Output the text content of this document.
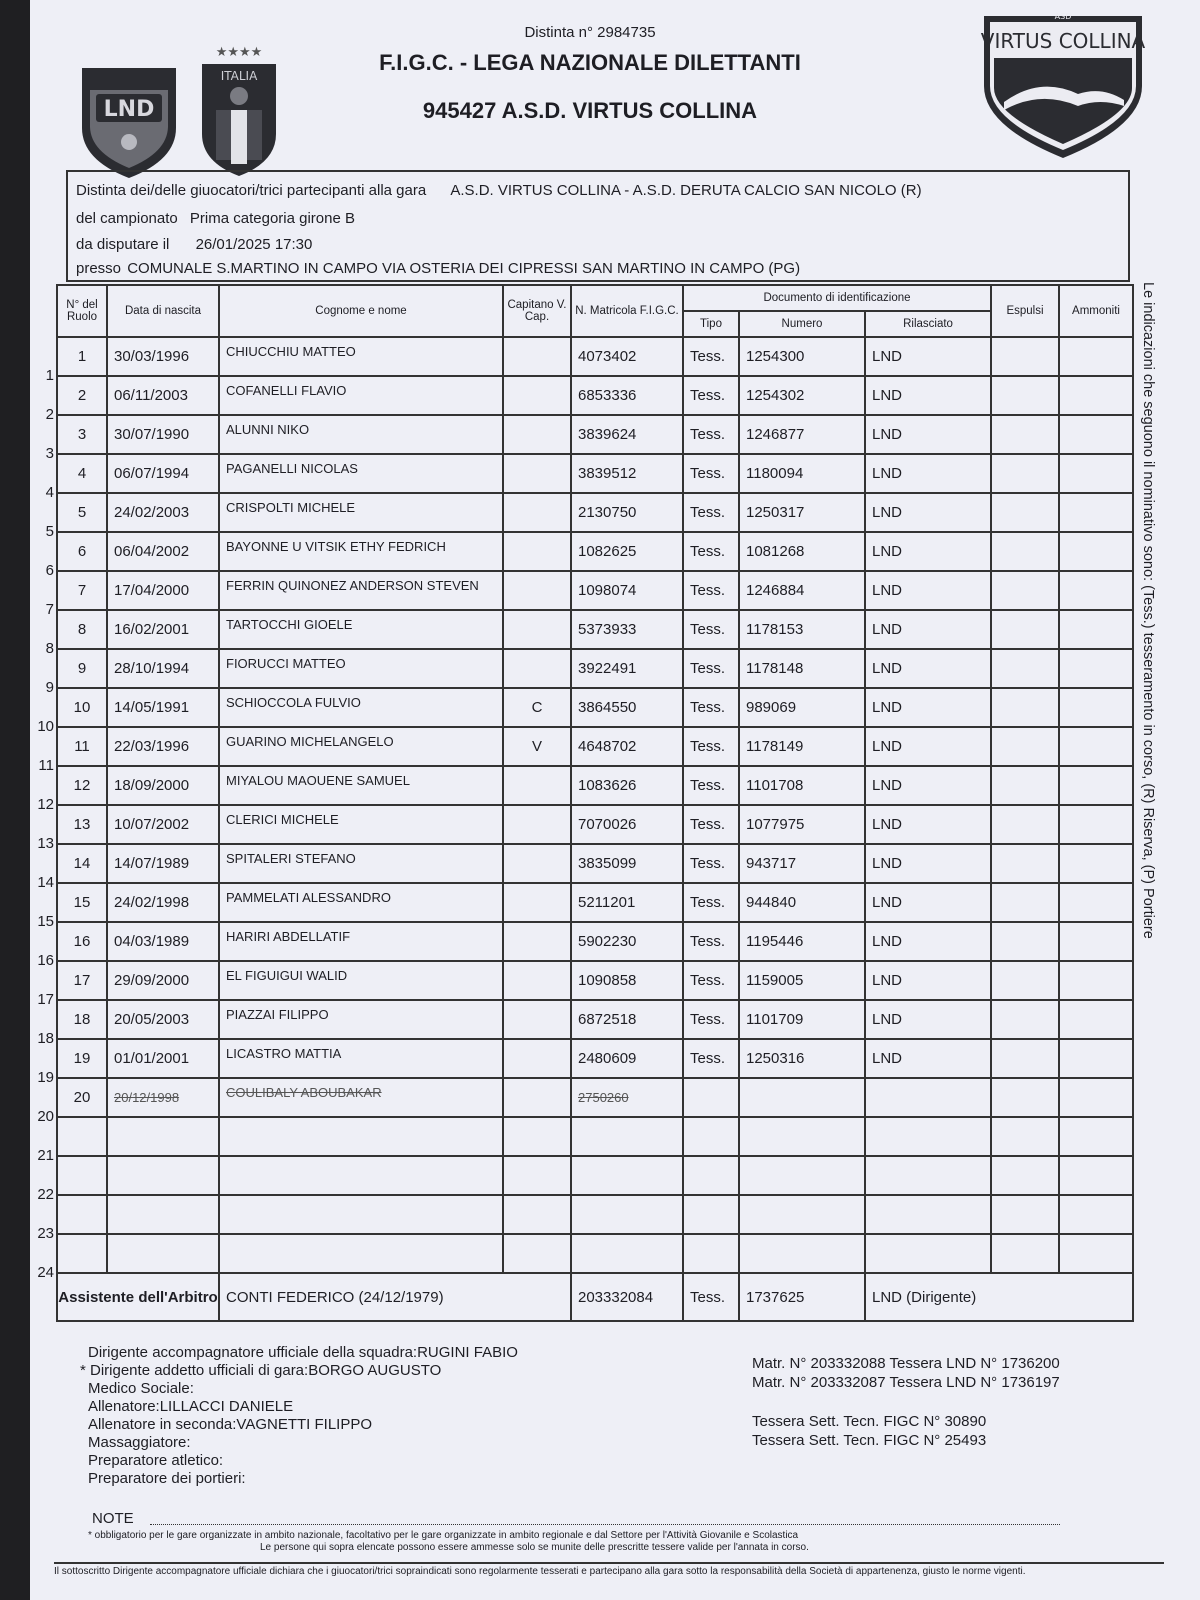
LND
★★★★
ITALIA
ASD
VIRTUS COLLINA
Distinta n° 2984735
F.I.G.C. - LEGA NAZIONALE DILETTANTI
945427 A.S.D. VIRTUS COLLINA
Distinta dei/delle giuocatori/trici partecipanti alla gara A.S.D. VIRTUS COLLINA - A.S.D. DERUTA CALCIO SAN NICOLO (R)
del campionato Prima categoria girone B
da disputare il 26/01/2025 17:30
presso COMUNALE S.MARTINO IN CAMPO VIA OSTERIA DEI CIPRESSI SAN MARTINO IN CAMPO (PG)
1
2
3
4
5
6
7
8
9
10
11
12
13
14
15
16
17
18
19
20
21
22
23
24
N° del Ruolo	Data di nascita	Cognome e nome	Capitano V. Cap.	N. Matricola F.I.G.C.	Documento di identificazione			Espulsi	Ammoniti
					Tipo	Numero	Rilasciato		
1	30/03/1996	CHIUCCHIU MATTEO		4073402	Tess.	1254300	LND		
2	06/11/2003	COFANELLI FLAVIO		6853336	Tess.	1254302	LND		
3	30/07/1990	ALUNNI NIKO		3839624	Tess.	1246877	LND		
4	06/07/1994	PAGANELLI NICOLAS		3839512	Tess.	1180094	LND		
5	24/02/2003	CRISPOLTI MICHELE		2130750	Tess.	1250317	LND		
6	06/04/2002	BAYONNE U VITSIK ETHY FEDRICH		1082625	Tess.	1081268	LND		
7	17/04/2000	FERRIN QUINONEZ ANDERSON STEVEN		1098074	Tess.	1246884	LND		
8	16/02/2001	TARTOCCHI GIOELE		5373933	Tess.	1178153	LND		
9	28/10/1994	FIORUCCI MATTEO		3922491	Tess.	1178148	LND		
10	14/05/1991	SCHIOCCOLA FULVIO	C	3864550	Tess.	989069	LND		
11	22/03/1996	GUARINO MICHELANGELO	V	4648702	Tess.	1178149	LND		
12	18/09/2000	MIYALOU MAOUENE SAMUEL		1083626	Tess.	1101708	LND		
13	10/07/2002	CLERICI MICHELE		7070026	Tess.	1077975	LND		
14	14/07/1989	SPITALERI STEFANO		3835099	Tess.	943717	LND		
15	24/02/1998	PAMMELATI ALESSANDRO		5211201	Tess.	944840	LND		
16	04/03/1989	HARIRI ABDELLATIF		5902230	Tess.	1195446	LND		
17	29/09/2000	EL FIGUIGUI WALID		1090858	Tess.	1159005	LND		
18	20/05/2003	PIAZZAI FILIPPO		6872518	Tess.	1101709	LND		
19	01/01/2001	LICASTRO MATTIA		2480609	Tess.	1250316	LND		
20	20/12/1998	COULIBALY ABOUBAKAR		2750260					

Assistente dell'Arbitro		CONTI FEDERICO (24/12/1979)		203332084	Tess.	1737625	LND (Dirigente)		
Le indicazioni che seguono il nominativo sono: (Tess.) tesseramento in corso, (R) Riserva, (P) Portiere
Dirigente accompagnatore ufficiale della squadra:RUGINI FABIO
* Dirigente addetto ufficiali di gara:BORGO AUGUSTO
Medico Sociale:
Allenatore:LILLACCI DANIELE
Allenatore in seconda:VAGNETTI FILIPPO
Massaggiatore:
Preparatore atletico:
Preparatore dei portieri:
Matr. N° 203332088 Tessera LND N° 1736200
Matr. N° 203332087 Tessera LND N° 1736197
Tessera Sett. Tecn. FIGC N° 30890
Tessera Sett. Tecn. FIGC N° 25493
NOTE
* obbligatorio per le gare organizzate in ambito nazionale, facoltativo per le gare organizzate in ambito regionale e dal Settore per l'Attività Giovanile e Scolastica
Le persone qui sopra elencate possono essere ammesse solo se munite delle prescritte tessere valide per l'annata in corso.
Il sottoscritto Dirigente accompagnatore ufficiale dichiara che i giuocatori/trici sopraindicati sono regolarmente tesserati e partecipano alla gara sotto la responsabilità della Società di appartenenza, giusto le norme vigenti.
